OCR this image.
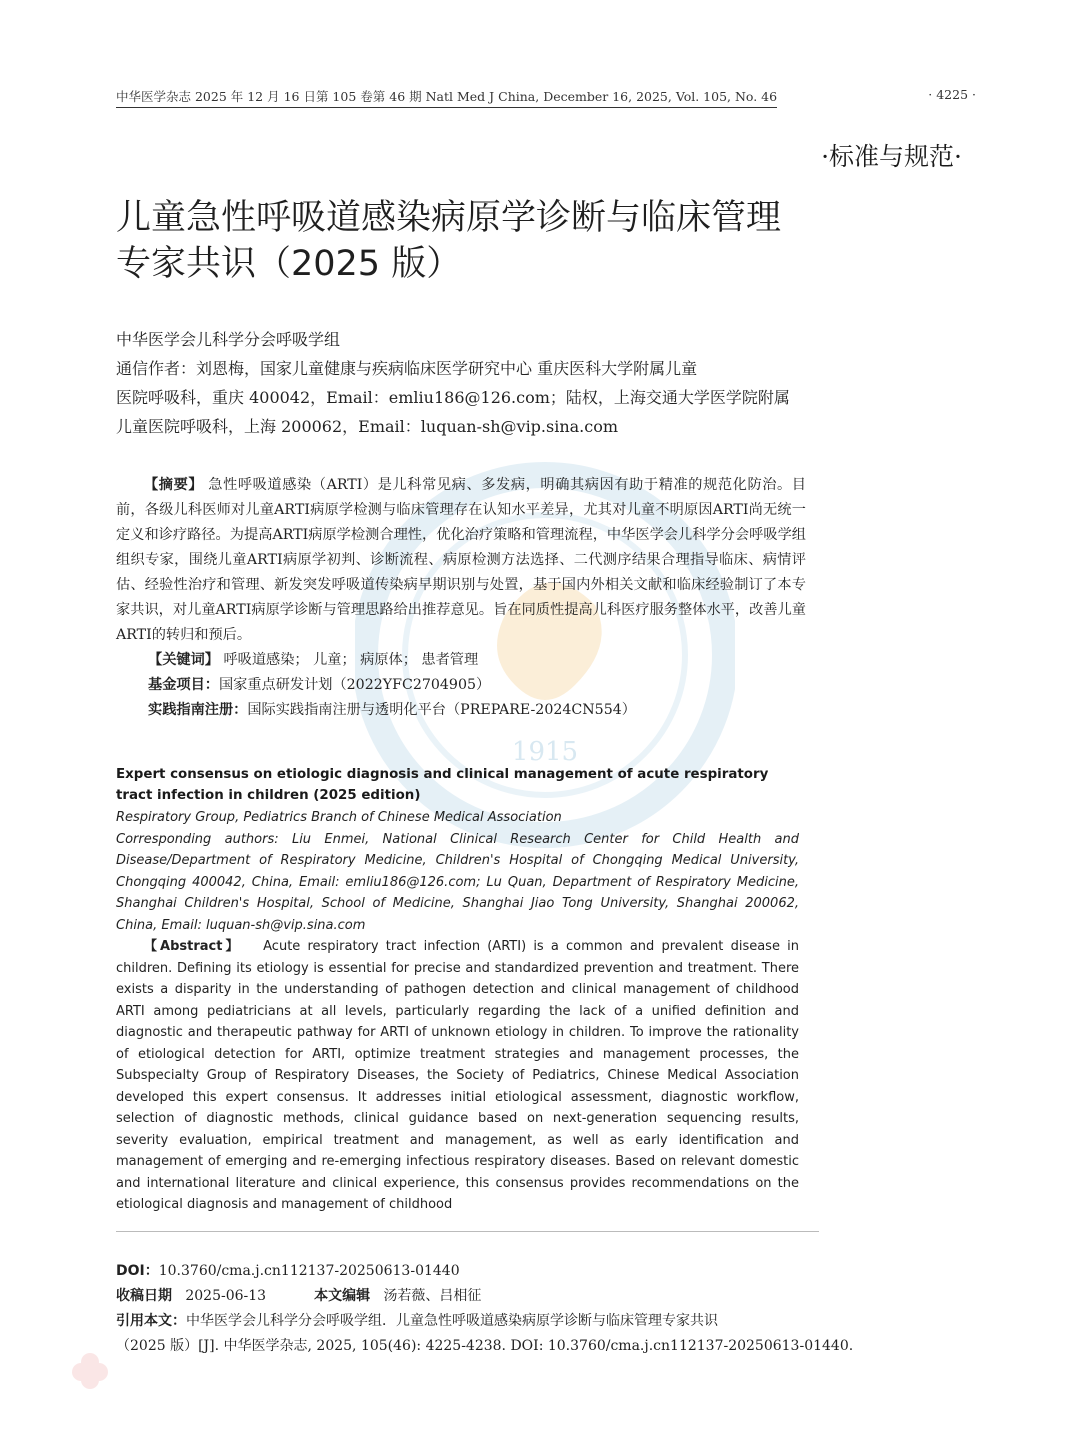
1915
中华医学杂志 2025 年 12 月 16 日第 105 卷第 46 期 Natl Med J China, December 16, 2025, Vol. 105, No. 46	· 4225 ·
·标准与规范·
儿童急性呼吸道感染病原学诊断与临床管理
专家共识（2025 版）
中华医学会儿科学分会呼吸学组
通信作者：刘恩梅，国家儿童健康与疾病临床医学研究中心 重庆医科大学附属儿童
医院呼吸科，重庆 400042，Email：emliu186@126.com；陆权，上海交通大学医学院附属
儿童医院呼吸科，上海 200062，Email：luquan-sh@vip.sina.com

【摘要】 急性呼吸道感染（ARTI）是儿科常见病、多发病，明确其病因有助于精准的规范化防治。目前，各级儿科医师对儿童ARTI病原学检测与临床管理存在认知水平差异，尤其对儿童不明原因ARTI尚无统一定义和诊疗路径。为提高ARTI病原学检测合理性，优化治疗策略和管理流程，中华医学会儿科学分会呼吸学组组织专家，围绕儿童ARTI病原学初判、诊断流程、病原检测方法选择、二代测序结果合理指导临床、病情评估、经验性治疗和管理、新发突发呼吸道传染病早期识别与处置，基于国内外相关文献和临床经验制订了本专家共识，对儿童ARTI病原学诊断与管理思路给出推荐意见。旨在同质性提高儿科医疗服务整体水平，改善儿童ARTI的转归和预后。

【关键词】 呼吸道感染； 儿童； 病原体； 患者管理
基金项目：国家重点研发计划（2022YFC2704905）
实践指南注册：国际实践指南注册与透明化平台（PREPARE-2024CN554）
Expert consensus on etiologic diagnosis and clinical management of acute respiratory tract infection in children (2025 edition)
Respiratory Group, Pediatrics Branch of Chinese Medical Association
Corresponding authors: Liu Enmei, National Clinical Research Center for Child Health and Disease/Department of Respiratory Medicine, Children's Hospital of Chongqing Medical University, Chongqing 400042, China, Email: emliu186@126.com; Lu Quan, Department of Respiratory Medicine, Shanghai Children's Hospital, School of Medicine, Shanghai Jiao Tong University, Shanghai 200062, China, Email: luquan-sh@vip.sina.com

【Abstract】 Acute respiratory tract infection (ARTI) is a common and prevalent disease in children. Defining its etiology is essential for precise and standardized prevention and treatment. There exists a disparity in the understanding of pathogen detection and clinical management of childhood ARTI among pediatricians at all levels, particularly regarding the lack of a unified definition and diagnostic and therapeutic pathway for ARTI of unknown etiology in children. To improve the rationality of etiological detection for ARTI, optimize treatment strategies and management processes, the Subspecialty Group of Respiratory Diseases, the Society of Pediatrics, Chinese Medical Association developed this expert consensus. It addresses initial etiological assessment, diagnostic workflow, selection of diagnostic methods, clinical guidance based on next-generation sequencing results, severity evaluation, empirical treatment and management, as well as early identification and management of emerging and re-emerging infectious respiratory diseases. Based on relevant domestic and international literature and clinical experience, this consensus provides recommendations on the etiological diagnosis and management of childhood

DOI：10.3760/cma.j.cn112137-20250613-01440
收稿日期 2025-06-13	本文编辑 汤若薇、吕相征
引用本文：中华医学会儿科学分会呼吸学组．儿童急性呼吸道感染病原学诊断与临床管理专家共识
（2025 版）[J]. 中华医学杂志, 2025, 105(46): 4225-4238. DOI: 10.3760/cma.j.cn112137-20250613-01440.
